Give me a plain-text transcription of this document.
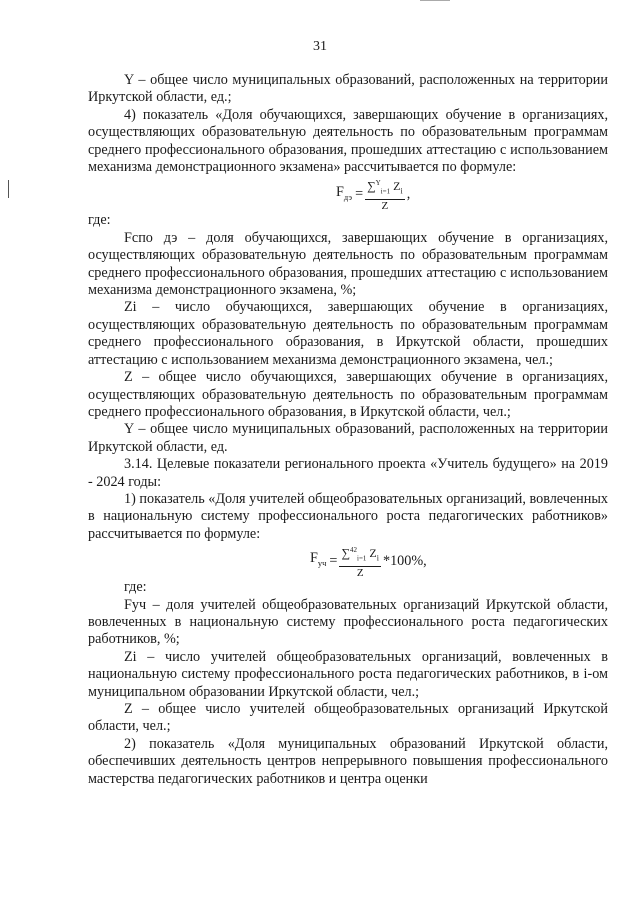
31

Y – общее число муниципальных образований, расположенных на территории Иркутской области, ед.;

4) показатель «Доля обучающихся, завершающих обучение в организациях, осуществляющих образовательную деятельность по образовательным программам среднего профессионального образования, прошедших аттестацию с использованием механизма демонстрационного экзамена» рассчитывается по формуле:

$F_{дэ} = \frac{\sum^Y_{i=1} Z_i}{Z}$ ,

где:

Fспо дэ – доля обучающихся, завершающих обучение в организациях, осуществляющих образовательную деятельность по образовательным программам среднего профессионального образования, прошедших аттестацию с использованием механизма демонстрационного экзамена, %;

Zi – число обучающихся, завершающих обучение в организациях, осуществляющих образовательную деятельность по образовательным программам среднего профессионального образования, в Иркутской области, прошедших аттестацию с использованием механизма демонстрационного экзамена, чел.;

Z – общее число обучающихся, завершающих обучение в организациях, осуществляющих образовательную деятельность по образовательным программам среднего профессионального образования, в Иркутской области, чел.;

Y – общее число муниципальных образований, расположенных на территории Иркутской области, ед.

3.14. Целевые показатели регионального проекта «Учитель будущего» на 2019 - 2024 годы:

1) показатель «Доля учителей общеобразовательных организаций, вовлеченных в национальную систему профессионального роста педагогических работников» рассчитывается по формуле:

$F_{уч} = \frac{\sum^{42}_{i=1} Z_i}{Z} *100\%$,

где:

Fуч – доля учителей общеобразовательных организаций Иркутской области, вовлеченных в национальную систему профессионального роста педагогических работников, %;

Zi – число учителей общеобразовательных организаций, вовлеченных в национальную систему профессионального роста педагогических работников, в i-ом муниципальном образовании Иркутской области, чел.;

Z – общее число учителей общеобразовательных организаций Иркутской области, чел.;

2) показатель «Доля муниципальных образований Иркутской области, обеспечивших деятельность центров непрерывного повышения профессионального мастерства педагогических работников и центра оценки
